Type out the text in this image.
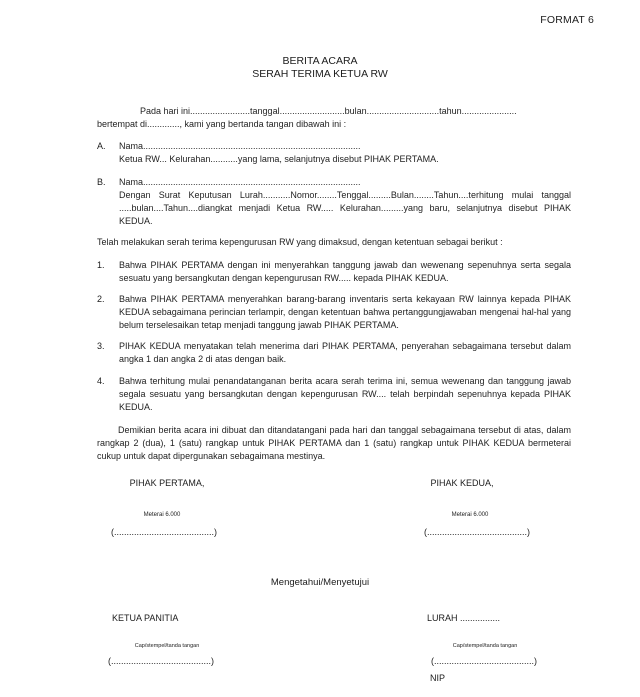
FORMAT 6
BERITA ACARA
SERAH TERIMA KETUA RW
Pada hari ini........................tanggal..........................bulan.............................tahun......................
bertempat di............., kami yang bertanda tangan dibawah ini :
A. Nama.......................................................................................
Ketua RW... Kelurahan...........yang lama, selanjutnya disebut PIHAK PERTAMA.
B. Nama.......................................................................................
Dengan Surat Keputusan Lurah...........Nomor........Tenggal.........Bulan........Tahun....terhitung mulai tanggal .....bulan....Tahun....diangkat menjadi Ketua RW..... Kelurahan.........yang baru, selanjutnya disebut PIHAK KEDUA.
Telah melakukan serah terima kepengurusan RW yang dimaksud, dengan ketentuan sebagai berikut :
1. Bahwa PIHAK PERTAMA dengan ini menyerahkan tanggung jawab dan wewenang sepenuhnya serta segala sesuatu yang bersangkutan dengan kepengurusan RW..... kepada PIHAK KEDUA.
2. Bahwa PIHAK PERTAMA menyerahkan barang-barang inventaris serta kekayaan RW lainnya kepada PIHAK KEDUA sebagaimana perincian terlampir, dengan ketentuan bahwa pertanggungjawaban mengenai hal-hal yang belum terselesaikan tetap menjadi tanggung jawab PIHAK PERTAMA.
3. PIHAK KEDUA menyatakan telah menerima dari PIHAK PERTAMA, penyerahan sebagaimana tersebut dalam angka 1 dan angka 2 di atas dengan baik.
4. Bahwa terhitung mulai penandatanganan berita acara serah terima ini, semua wewenang dan tanggung jawab segala sesuatu yang bersangkutan dengan kepengurusan RW.... telah berpindah sepenuhnya kepada PIHAK KEDUA.
Demikian berita acara ini dibuat dan ditandatangani pada hari dan tanggal sebagaimana tersebut di atas, dalam rangkap 2 (dua), 1 (satu) rangkap untuk PIHAK PERTAMA dan 1 (satu) rangkap untuk PIHAK KEDUA bermeterai cukup untuk dapat dipergunakan sebagaimana mestinya.
PIHAK PERTAMA,
Meterai 6.000
(........................................)
PIHAK KEDUA,
Meterai 6.000
(........................................)
Mengetahui/Menyetujui
KETUA PANITIA
Cap/stempel/tanda tangan
(........................................)
LURAH ................
Cap/stempel/tanda tangan
(........................................)
NIP
